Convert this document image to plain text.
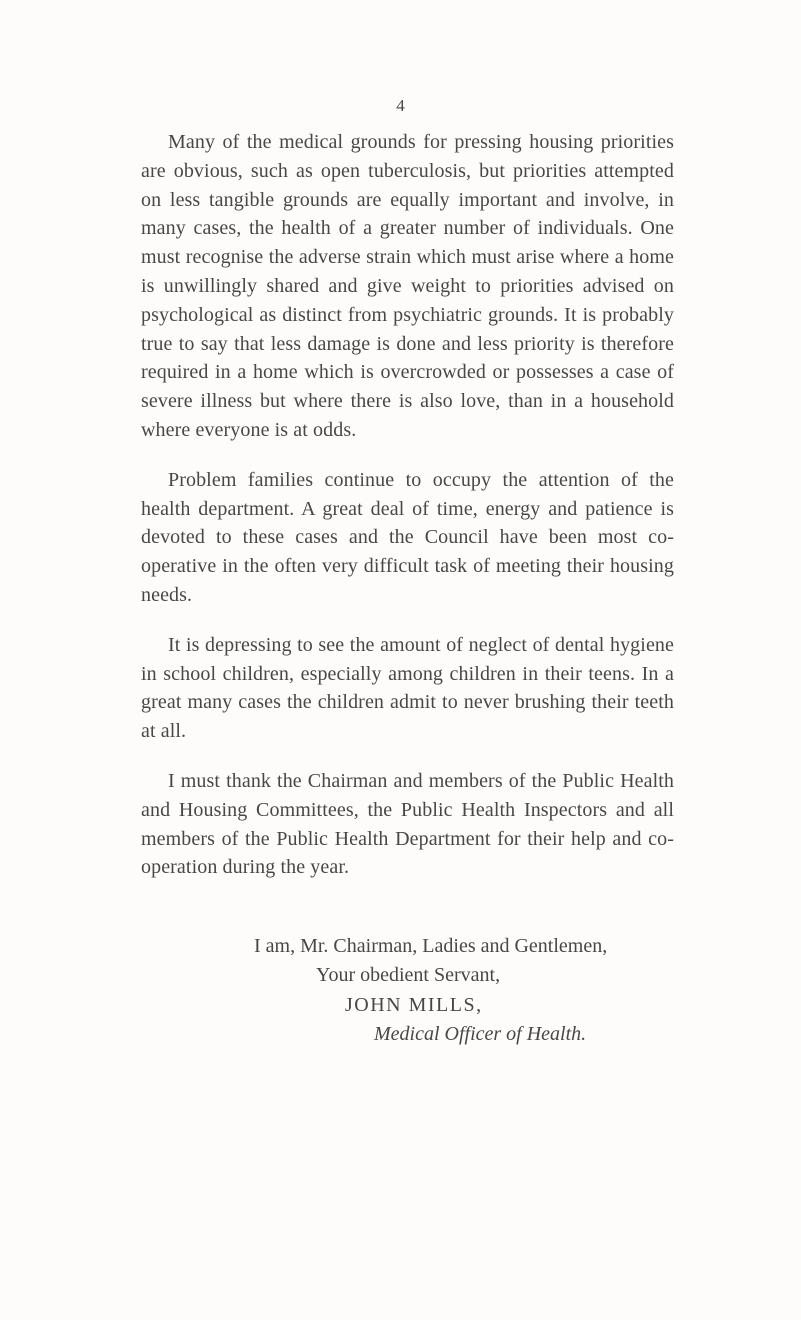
4

Many of the medical grounds for pressing housing priorities are obvious, such as open tuberculosis, but priorities attempted on less tangible grounds are equally important and involve, in many cases, the health of a greater number of individuals. One must recognise the adverse strain which must arise where a home is unwillingly shared and give weight to priorities advised on psychological as distinct from psychiatric grounds. It is probably true to say that less damage is done and less priority is therefore required in a home which is overcrowded or possesses a case of severe illness but where there is also love, than in a household where everyone is at odds.

Problem families continue to occupy the attention of the health department. A great deal of time, energy and patience is devoted to these cases and the Council have been most co-operative in the often very difficult task of meeting their housing needs.

It is depressing to see the amount of neglect of dental hygiene in school children, especially among children in their teens. In a great many cases the children admit to never brushing their teeth at all.

I must thank the Chairman and members of the Public Health and Housing Committees, the Public Health Inspectors and all members of the Public Health Department for their help and co-operation during the year.

I am, Mr. Chairman, Ladies and Gentlemen,
Your obedient Servant,
JOHN MILLS,
Medical Officer of Health.
